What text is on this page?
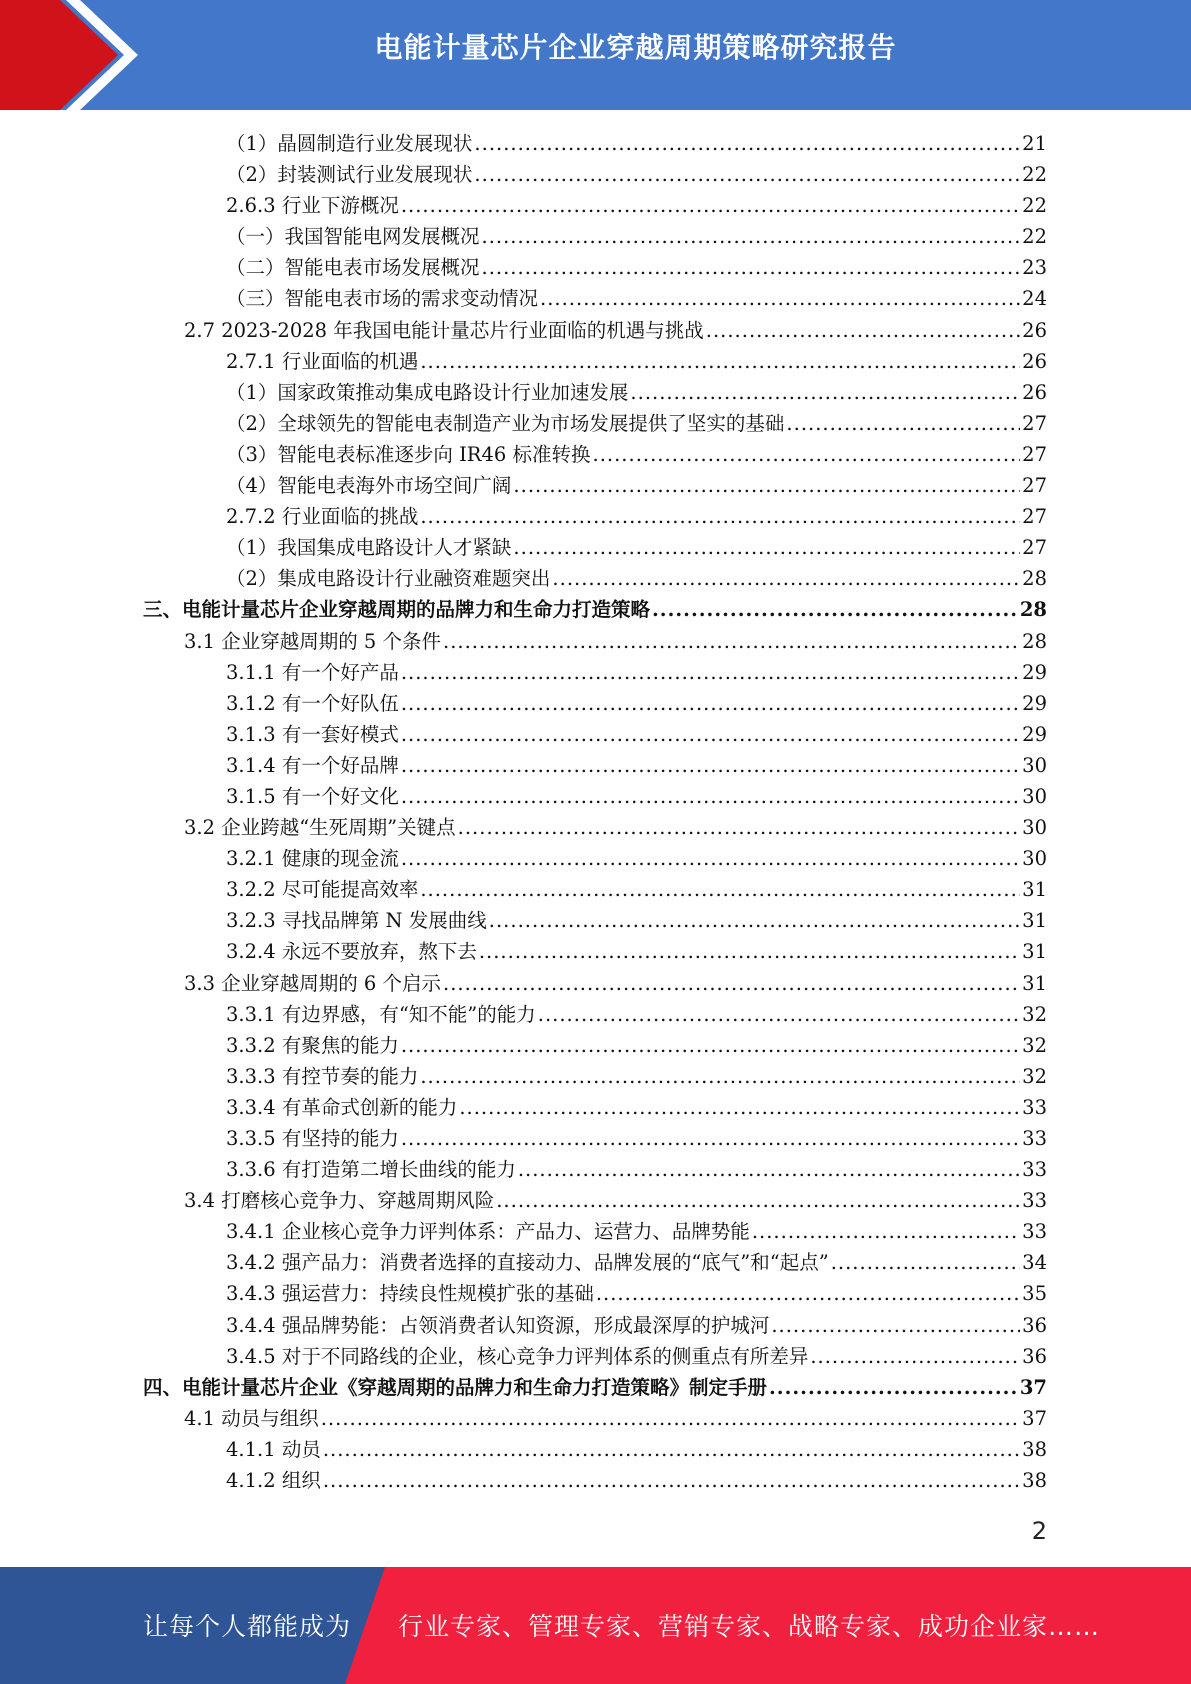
电能计量芯片企业穿越周期策略研究报告
（1）晶圆制造行业发展现状 .....	21
（2）封装测试行业发展现状 .....	22
2.6.3 行业下游概况 .....	22
（一）我国智能电网发展概况 .....	22
（二）智能电表市场发展概况 .....	23
（三）智能电表市场的需求变动情况 .....	24
2.7 2023-2028 年我国电能计量芯片行业面临的机遇与挑战 .....	26
2.7.1 行业面临的机遇 .....	26
（1）国家政策推动集成电路设计行业加速发展 .....	26
（2）全球领先的智能电表制造产业为市场发展提供了坚实的基础 .....	27
（3）智能电表标准逐步向 IR46 标准转换 .....	27
（4）智能电表海外市场空间广阔 .....	27
2.7.2 行业面临的挑战 .....	27
（1）我国集成电路设计人才紧缺 .....	27
（2）集成电路设计行业融资难题突出 .....	28
三、电能计量芯片企业穿越周期的品牌力和生命力打造策略 .....	28
3.1 企业穿越周期的 5 个条件 .....	28
3.1.1 有一个好产品 .....	29
3.1.2 有一个好队伍 .....	29
3.1.3 有一套好模式 .....	29
3.1.4 有一个好品牌 .....	30
3.1.5 有一个好文化 .....	30
3.2 企业跨越“生死周期”关键点 .....	30
3.2.1 健康的现金流 .....	30
3.2.2 尽可能提高效率 .....	31
3.2.3 寻找品牌第 N 发展曲线 .....	31
3.2.4 永远不要放弃，熬下去 .....	31
3.3 企业穿越周期的 6 个启示 .....	31
3.3.1 有边界感，有“知不能”的能力 .....	32
3.3.2 有聚焦的能力 .....	32
3.3.3 有控节奏的能力 .....	32
3.3.4 有革命式创新的能力 .....	33
3.3.5 有坚持的能力 .....	33
3.3.6 有打造第二增长曲线的能力 .....	33
3.4 打磨核心竞争力、穿越周期风险 .....	33
3.4.1 企业核心竞争力评判体系：产品力、运营力、品牌势能 .....	33
3.4.2 强产品力：消费者选择的直接动力、品牌发展的“底气”和“起点” .....	34
3.4.3 强运营力：持续良性规模扩张的基础 .....	35
3.4.4 强品牌势能：占领消费者认知资源，形成最深厚的护城河 .....	36
3.4.5 对于不同路线的企业，核心竞争力评判体系的侧重点有所差异 .....	36
四、电能计量芯片企业《穿越周期的品牌力和生命力打造策略》制定手册 .....	37
4.1 动员与组织 .....	37
4.1.1 动员 .....	38
4.1.2 组织 .....	38
2
让每个人都能成为 行业专家、管理专家、营销专家、战略专家、成功企业家……
